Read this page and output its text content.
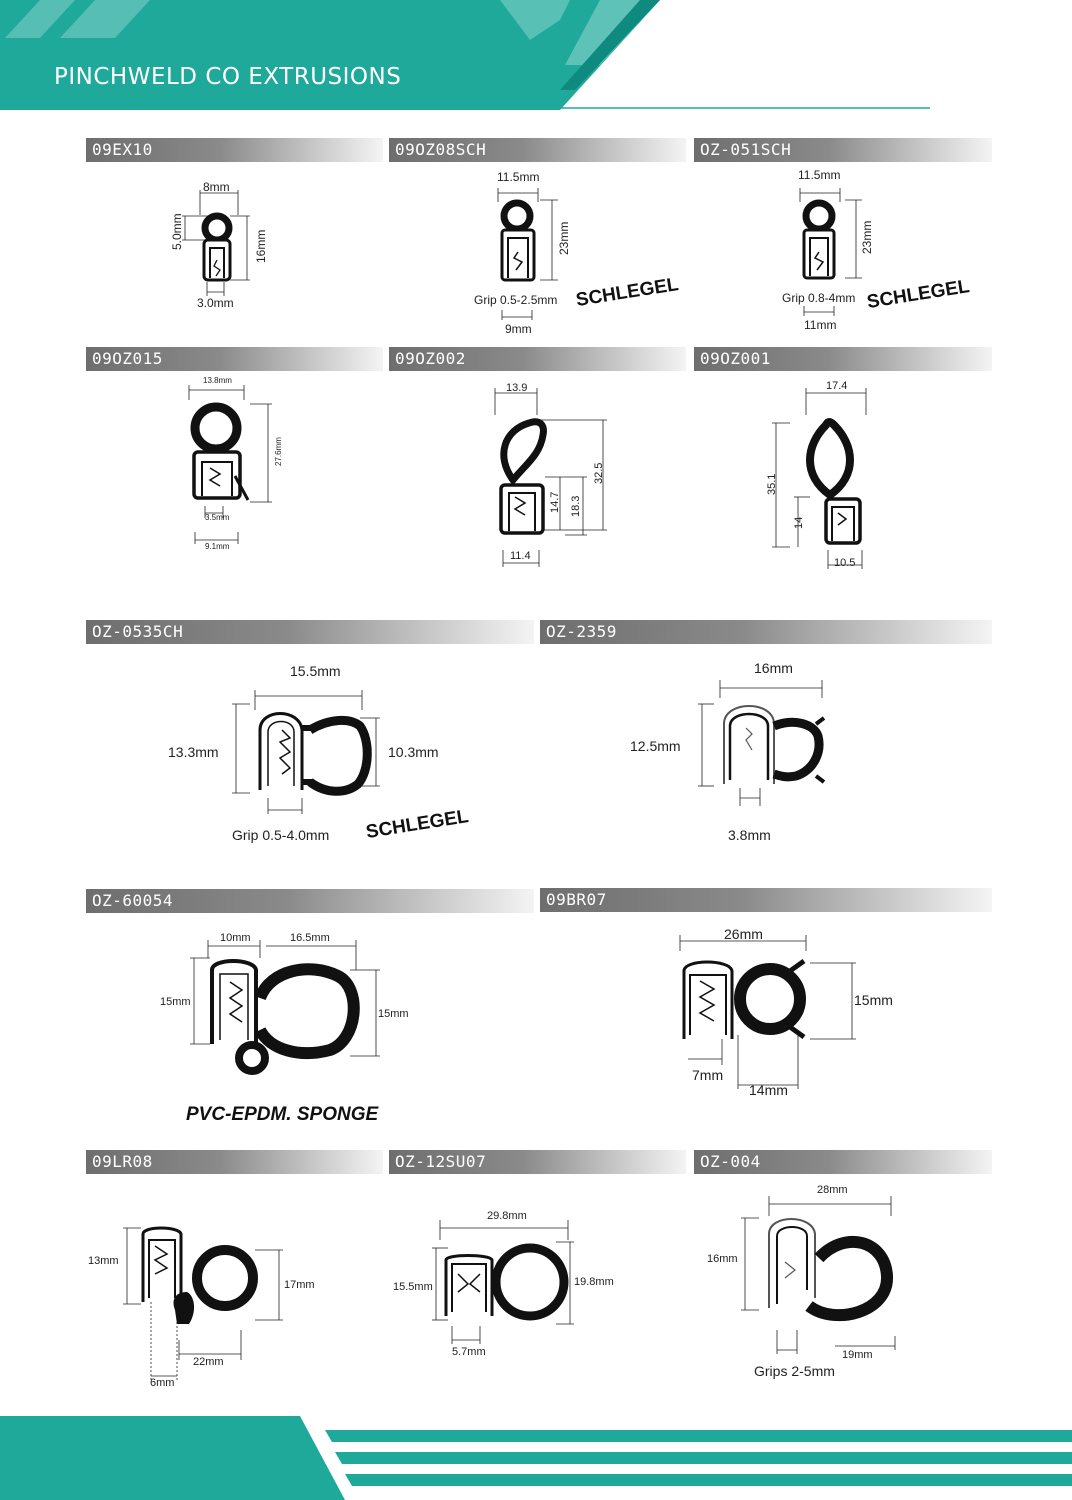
PINCHWELD CO EXTRUSIONS
09EX10	09OZ08SCH	OZ-051SCH
09OZ015	09OZ002	09OZ001
OZ-0535CH	OZ-2359
OZ-60054	09BR07
09LR08	OZ-12SU07	OZ-004
8mm
5.0mm	16mm
3.0mm
11.5mm
23mm
Grip 0.5-2.5mm
9mm
SCHLEGEL
11.5mm
23mm
Grip 0.8-4mm
11mm
SCHLEGEL
13.8mm
27.6mm
3.5mm
9.1mm
13.9
32.5
14.7 18.3
11.4
17.4
35.1
14
10.5
15.5mm
13.3mm	10.3mm
Grip 0.5-4.0mm SCHLEGEL
16mm
12.5mm
3.8mm
10mm	16.5mm
15mm
15mm
PVC-EPDM. SPONGE
26mm
15mm
7mm
14mm
13mm
17mm
22mm
6mm
29.8mm
15.5mm	19.8mm
5.7mm
28mm
16mm
19mm
Grips 2-5mm
